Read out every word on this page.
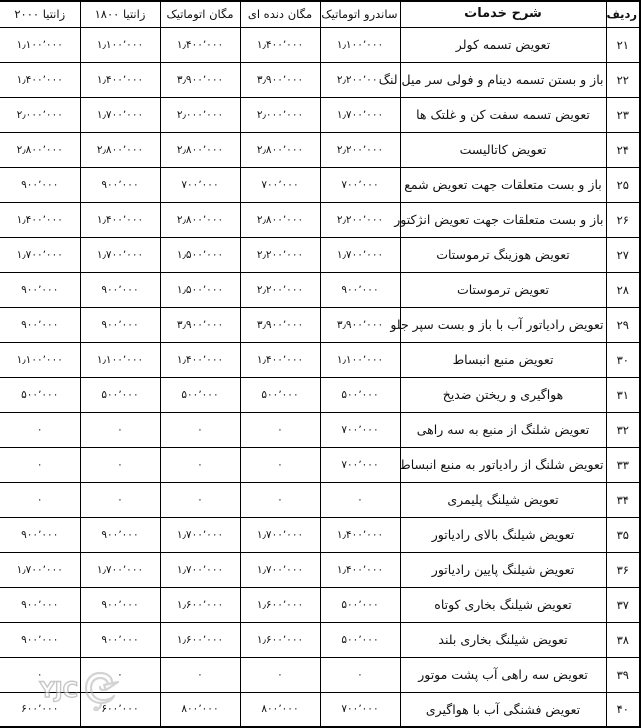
ردیف	شرح خدمات	ساندرو اتوماتیک	مگان دنده ای	مگان اتوماتیک	زانتیا ۱۸۰۰	زانتیا ۲۰۰۰
۲۱	تعویض تسمه کولر	۱٫۱۰۰٬۰۰۰	۱٫۴۰۰٬۰۰۰	۱٫۴۰۰٬۰۰۰	۱٫۱۰۰٬۰۰۰	۱٫۱۰۰٬۰۰۰
۲۲	باز و بستن تسمه دینام و فولی سر میل لنگ	۲٫۲۰۰٬۰۰۰	۳٫۹۰۰٬۰۰۰	۳٫۹۰۰٬۰۰۰	۱٫۴۰۰٬۰۰۰	۱٫۴۰۰٬۰۰۰
۲۳	تعویض تسمه سفت کن و غلتک ها	۱٫۷۰۰٬۰۰۰	۲٫۰۰۰٬۰۰۰	۲٫۰۰۰٬۰۰۰	۱٫۷۰۰٬۰۰۰	۲٫۰۰۰٬۰۰۰
۲۴	تعویض کاتالیست	۲٫۲۰۰٬۰۰۰	۲٫۸۰۰٬۰۰۰	۲٫۸۰۰٬۰۰۰	۲٫۸۰۰٬۰۰۰	۲٫۸۰۰٬۰۰۰
۲۵	باز و بست متعلقات جهت تعویض شمع	۷۰۰٬۰۰۰	۷۰۰٬۰۰۰	۷۰۰٬۰۰۰	۹۰۰٬۰۰۰	۹۰۰٬۰۰۰
۲۶	باز و بست متعلقات جهت تعویض انژکتور	۲٫۲۰۰٬۰۰۰	۲٫۸۰۰٬۰۰۰	۲٫۸۰۰٬۰۰۰	۱٫۴۰۰٬۰۰۰	۱٫۴۰۰٬۰۰۰
۲۷	تعویض هوزینگ ترموستات	۱٫۷۰۰٬۰۰۰	۲٫۲۰۰٬۰۰۰	۱٫۵۰۰٬۰۰۰	۱٫۷۰۰٬۰۰۰	۱٫۷۰۰٬۰۰۰
۲۸	تعویض ترموستات	۹۰۰٬۰۰۰	۲٫۲۰۰٬۰۰۰	۱٫۵۰۰٬۰۰۰	۹۰۰٬۰۰۰	۹۰۰٬۰۰۰
۲۹	تعویض رادیاتور آب با باز و بست سپر جلو	۳٫۹۰۰٬۰۰۰	۳٫۹۰۰٬۰۰۰	۳٫۹۰۰٬۰۰۰	۹۰۰٬۰۰۰	۹۰۰٬۰۰۰
۳۰	تعویض منبع انبساط	۱٫۱۰۰٬۰۰۰	۱٫۴۰۰٬۰۰۰	۱٫۴۰۰٬۰۰۰	۱٫۱۰۰٬۰۰۰	۱٫۱۰۰٬۰۰۰
۳۱	هواگیری و ریختن ضدیخ	۵۰۰٬۰۰۰	۵۰۰٬۰۰۰	۵۰۰٬۰۰۰	۵۰۰٬۰۰۰	۵۰۰٬۰۰۰
۳۲	تعویض شلنگ از منبع به سه راهی	۷۰۰٬۰۰۰	۰	۰	۰	۰
۳۳	تعویض شلنگ از رادیاتور به منبع انبساط	۷۰۰٬۰۰۰	۰	۰	۰	۰
۳۴	تعویض شیلنگ پلیمری	۰	۰	۰	۰	۰
۳۵	تعویض شیلنگ بالای رادیاتور	۱٫۴۰۰٬۰۰۰	۱٫۷۰۰٬۰۰۰	۱٫۷۰۰٬۰۰۰	۹۰۰٬۰۰۰	۹۰۰٬۰۰۰
۳۶	تعویض شیلنگ پایین رادیاتور	۱٫۴۰۰٬۰۰۰	۱٫۷۰۰٬۰۰۰	۱٫۷۰۰٬۰۰۰	۱٫۷۰۰٬۰۰۰	۱٫۷۰۰٬۰۰۰
۳۷	تعویض شیلنگ بخاری کوتاه	۵۰۰٬۰۰۰	۱٫۶۰۰٬۰۰۰	۱٫۶۰۰٬۰۰۰	۹۰۰٬۰۰۰	۹۰۰٬۰۰۰
۳۸	تعویض شیلنگ بخاری بلند	۵۰۰٬۰۰۰	۱٫۶۰۰٬۰۰۰	۱٫۶۰۰٬۰۰۰	۹۰۰٬۰۰۰	۹۰۰٬۰۰۰
۳۹	تعویض سه راهی آب پشت موتور	۰	۰	۰	۰	۰
۴۰	تعویض فشنگی آب با هواگیری	۷۰۰٬۰۰۰	۸۰۰٬۰۰۰	۸۰۰٬۰۰۰	۶۰۰٬۰۰۰	۶۰۰٬۰۰۰
YJC
